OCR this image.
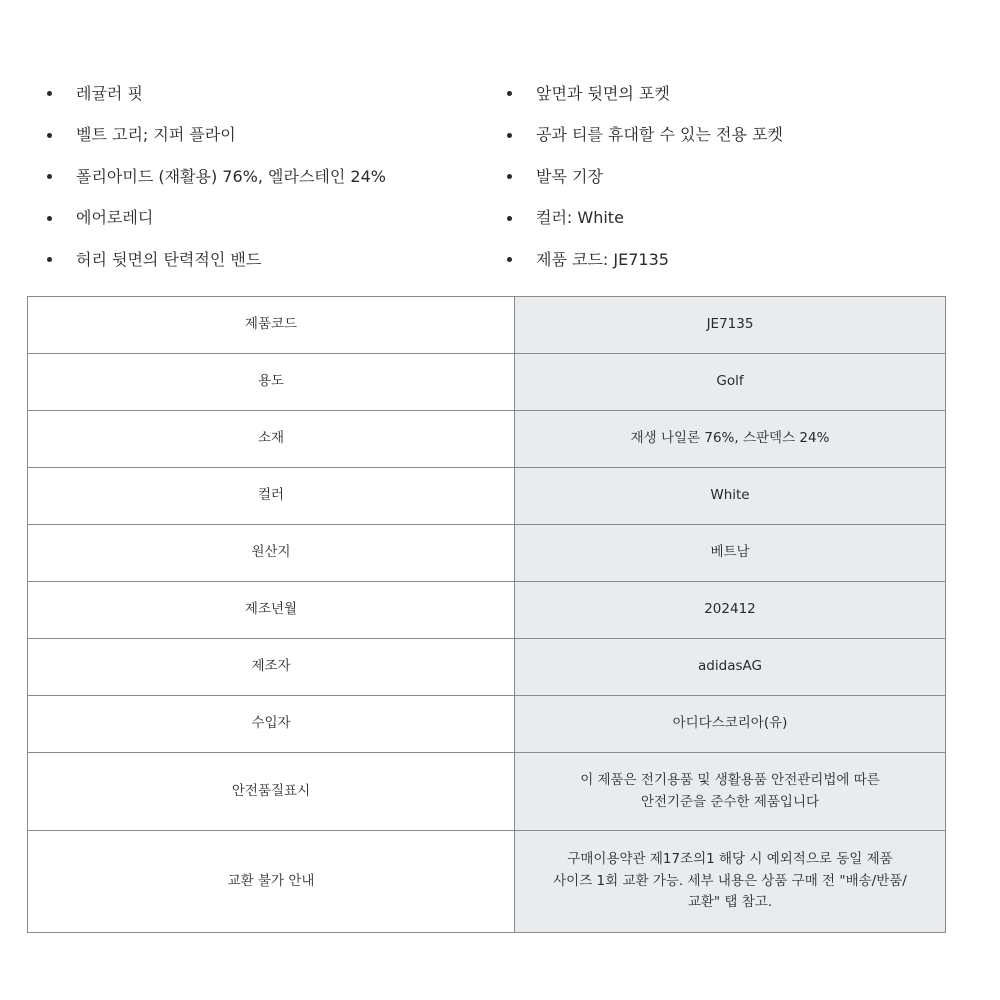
레귤러 핏
벨트 고리; 지퍼 플라이
폴리아미드 (재활용) 76%, 엘라스테인 24%
에어로레디
허리 뒷면의 탄력적인 밴드
앞면과 뒷면의 포켓
공과 티를 휴대할 수 있는 전용 포켓
발목 기장
컬러: White
제품 코드: JE7135
제품코드	JE7135
용도	Golf
소재	재생 나일론 76%, 스판덱스 24%
컬러	White
원산지	베트남
제조년월	202412
제조자	adidasAG
수입자	아디다스코리아(유)
안전품질표시	이 제품은 전기용품 및 생활용품 안전관리법에 따른
안전기준을 준수한 제품입니다
교환 불가 안내	구매이용약관 제17조의1 해당 시 예외적으로 동일 제품
사이즈 1회 교환 가능. 세부 내용은 상품 구매 전 "배송/반품/
교환" 탭 참고.
